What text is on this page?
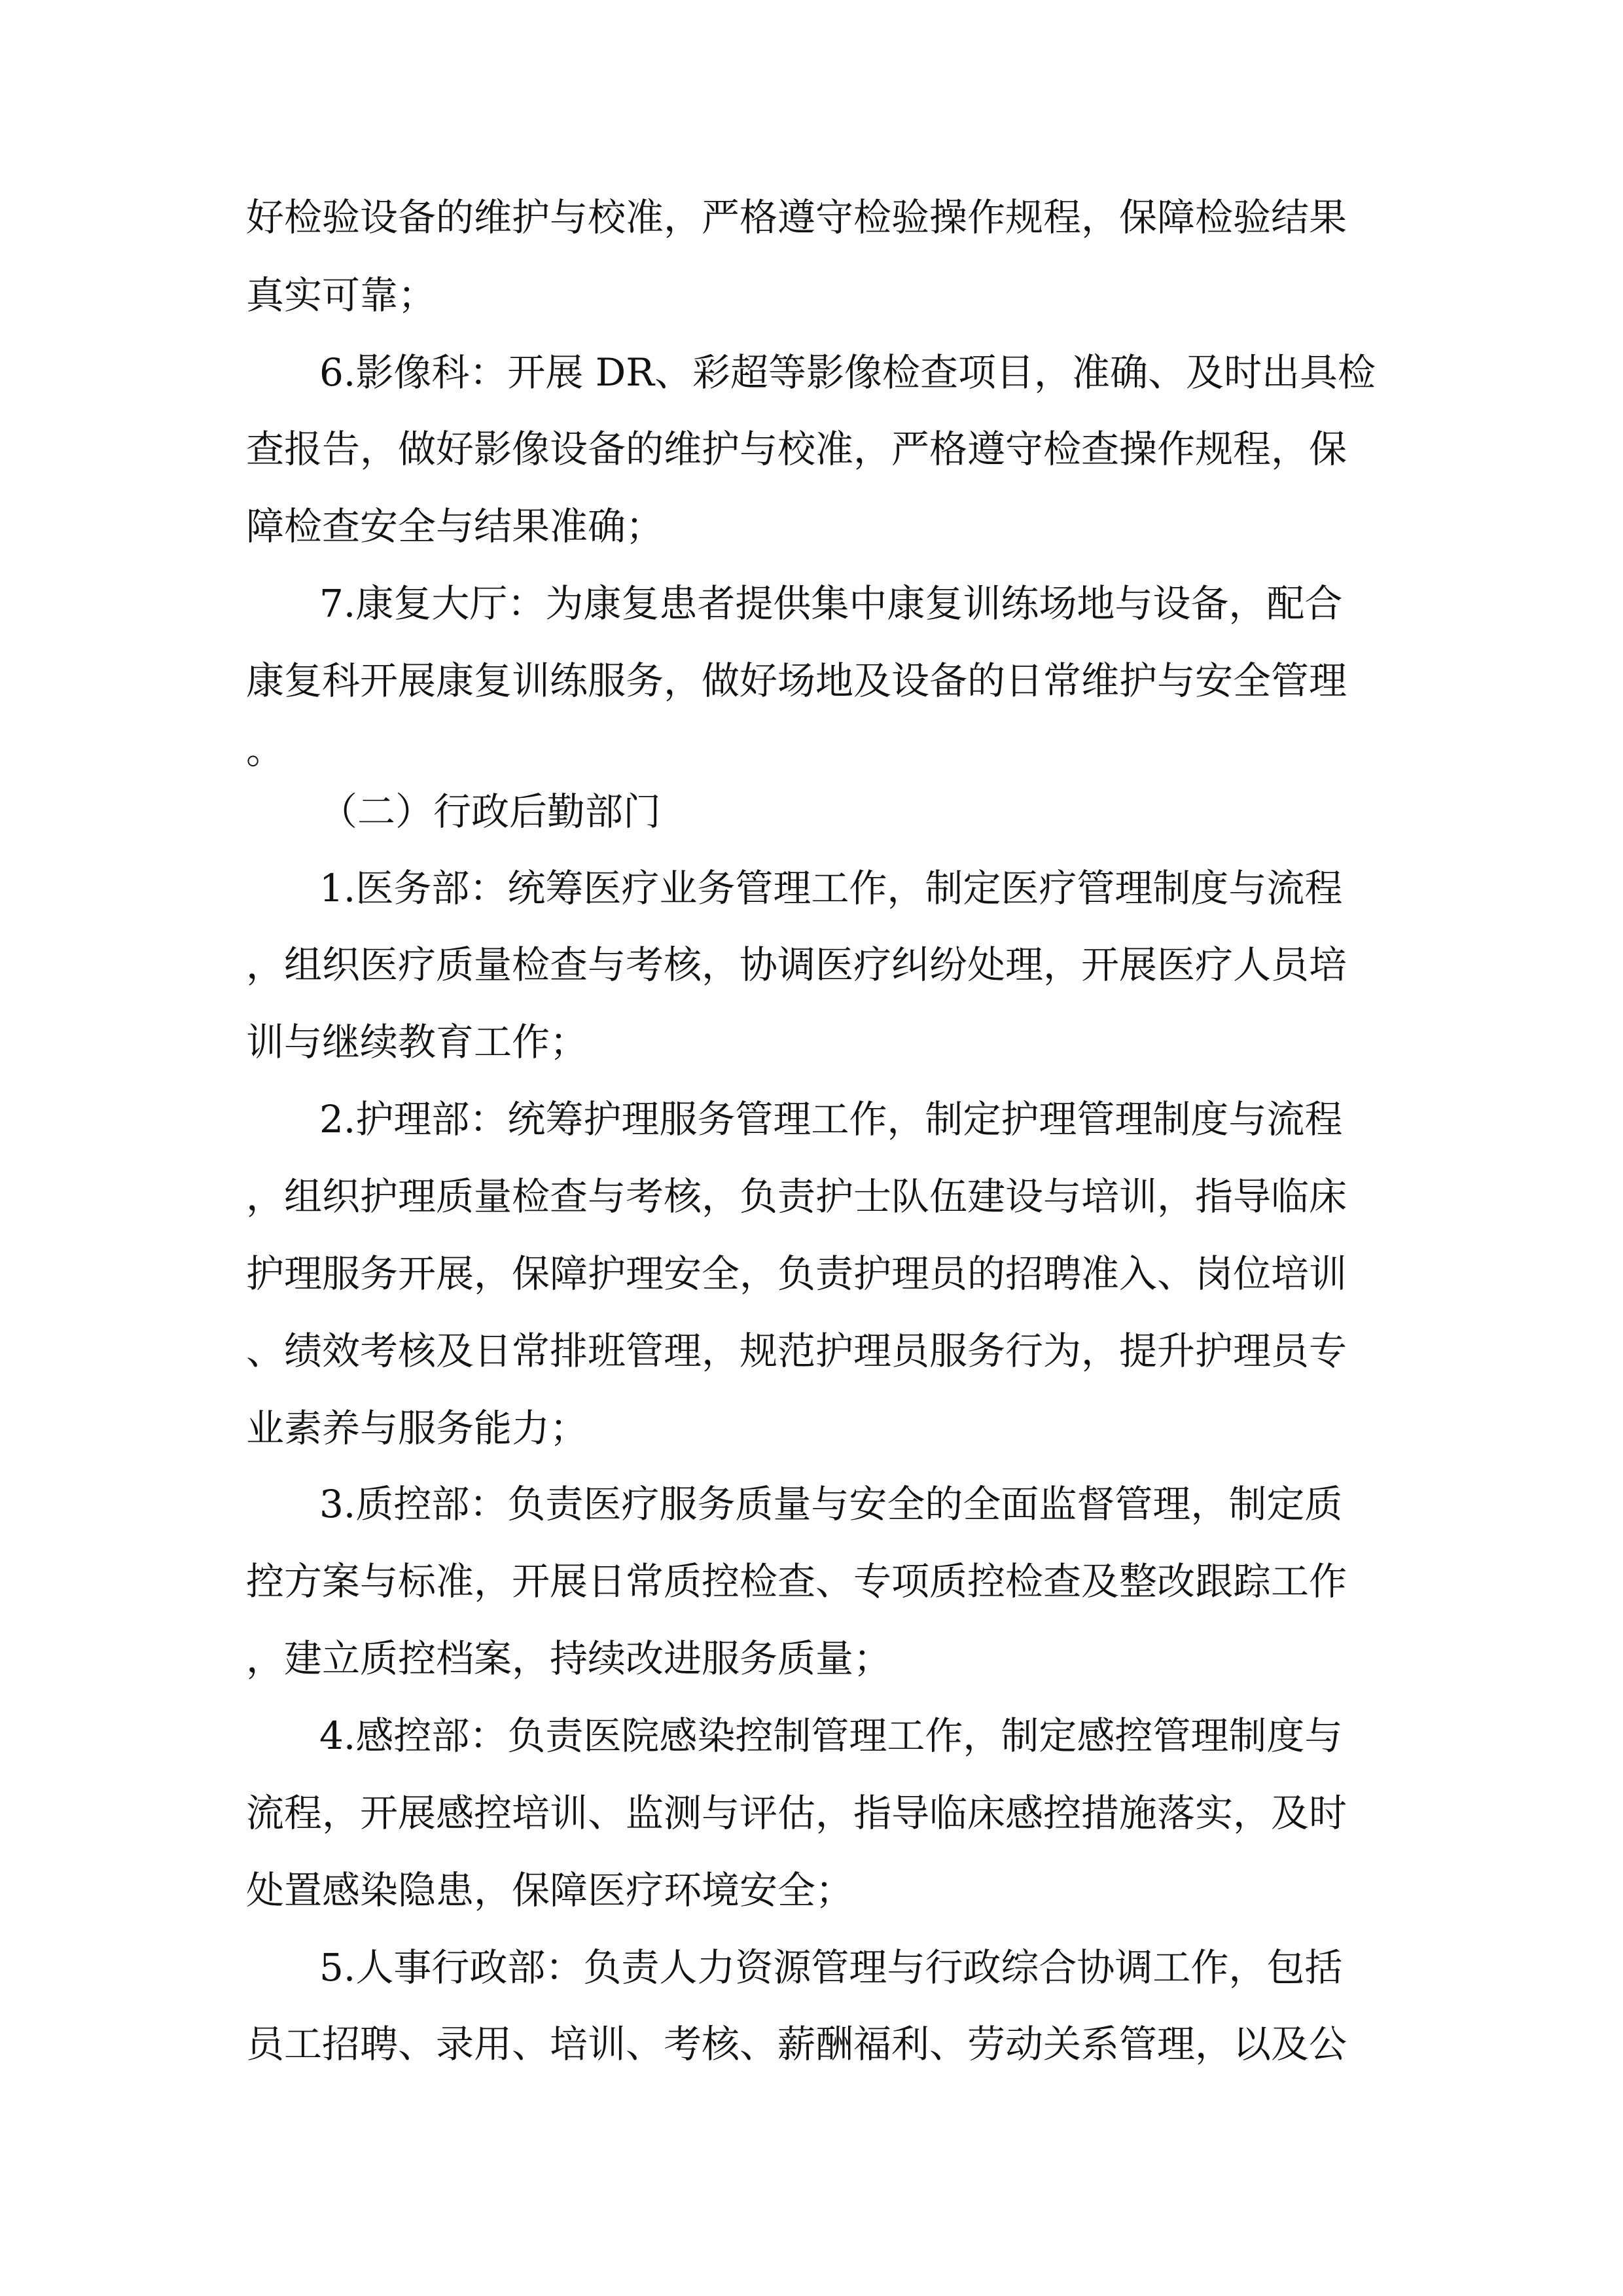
好检验设备的维护与校准，严格遵守检验操作规程，保障检验结果

真实可靠；

6.影像科：开展 DR、彩超等影像检查项目，准确、及时出具检

查报告，做好影像设备的维护与校准，严格遵守检查操作规程，保

障检查安全与结果准确；

7.康复大厅：为康复患者提供集中康复训练场地与设备，配合

康复科开展康复训练服务，做好场地及设备的日常维护与安全管理

。

（二）行政后勤部门

1.医务部：统筹医疗业务管理工作，制定医疗管理制度与流程

，组织医疗质量检查与考核，协调医疗纠纷处理，开展医疗人员培

训与继续教育工作；

2.护理部：统筹护理服务管理工作，制定护理管理制度与流程

，组织护理质量检查与考核，负责护士队伍建设与培训，指导临床

护理服务开展，保障护理安全，负责护理员的招聘准入、岗位培训

、绩效考核及日常排班管理，规范护理员服务行为，提升护理员专

业素养与服务能力；

3.质控部：负责医疗服务质量与安全的全面监督管理，制定质

控方案与标准，开展日常质控检查、专项质控检查及整改跟踪工作

，建立质控档案，持续改进服务质量；

4.感控部：负责医院感染控制管理工作，制定感控管理制度与

流程，开展感控培训、监测与评估，指导临床感控措施落实，及时

处置感染隐患，保障医疗环境安全；

5.人事行政部：负责人力资源管理与行政综合协调工作，包括

员工招聘、录用、培训、考核、薪酬福利、劳动关系管理，以及公
